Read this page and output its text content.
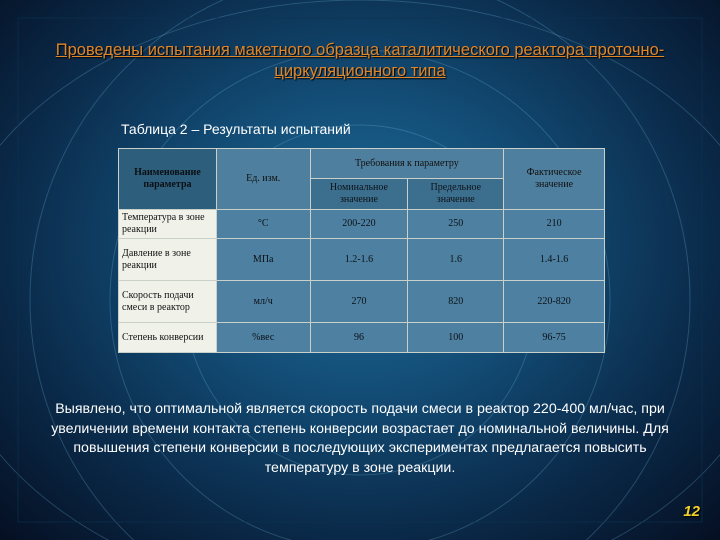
Проведены испытания макетного образца каталитического реактора проточно-циркуляционного типа
Таблица 2 – Результаты испытаний
Наименование параметра	Ед. изм.	Требования к параметру		Фактическое значение
		Номинальное значение	Предельное значение	
Температура в зоне реакции	°С	200-220	250	210
Давление в зоне реакции	МПа	1.2-1.6	1.6	1.4-1.6
Скорость подачи смеси в реактор	мл/ч	270	820	220-820
Степень конверсии	%вес	96	100	96-75
Выявлено, что оптимальной является скорость подачи смеси в реактор 220-400 мл/час, при увеличении времени контакта степень конверсии возрастает до номинальной величины. Для повышения степени конверсии в последующих экспериментах предлагается повысить температуру в зоне реакции.
12
